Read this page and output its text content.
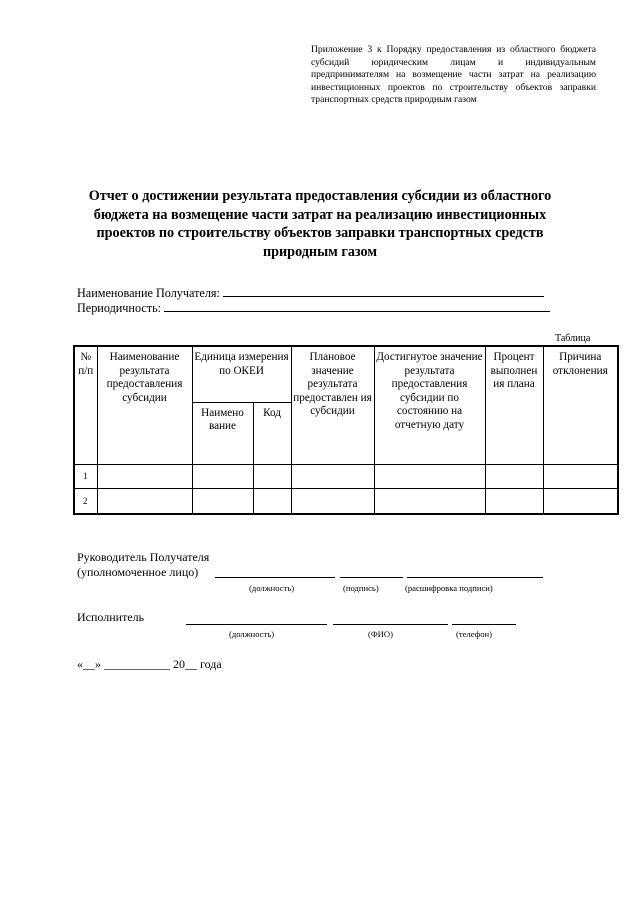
Приложение 3 к Порядку предоставления из областного бюджета субсидий юридическим лицам и индивидуальным предпринимателям на возмещение части затрат на реализацию инвестиционных проектов по строительству объектов заправки транспортных средств природным газом
Отчет о достижении результата предоставления субсидии из областного бюджета на возмещение части затрат на реализацию инвестиционных проектов по строительству объектов заправки транспортных средств природным газом
Наименование Получателя:
Периодичность:
Таблица
№ п/п	Наименование результата предоставления субсидии	Единица измерения по ОКЕИ		Плановое значение результата предоставлен ия субсидии	Достигнутое значение результата предоставления субсидии по состоянию на отчетную дату	Процент выполнен ия плана	Причина отклонения
		Наимено вание	Код				
1							
2							
Руководитель Получателя
(уполномоченное лицо)
(должность)	(подпись)	(расшифровка подписи)
Исполнитель
(должность)	(ФИО)	(телефон)
«__» ___________ 20__ года
